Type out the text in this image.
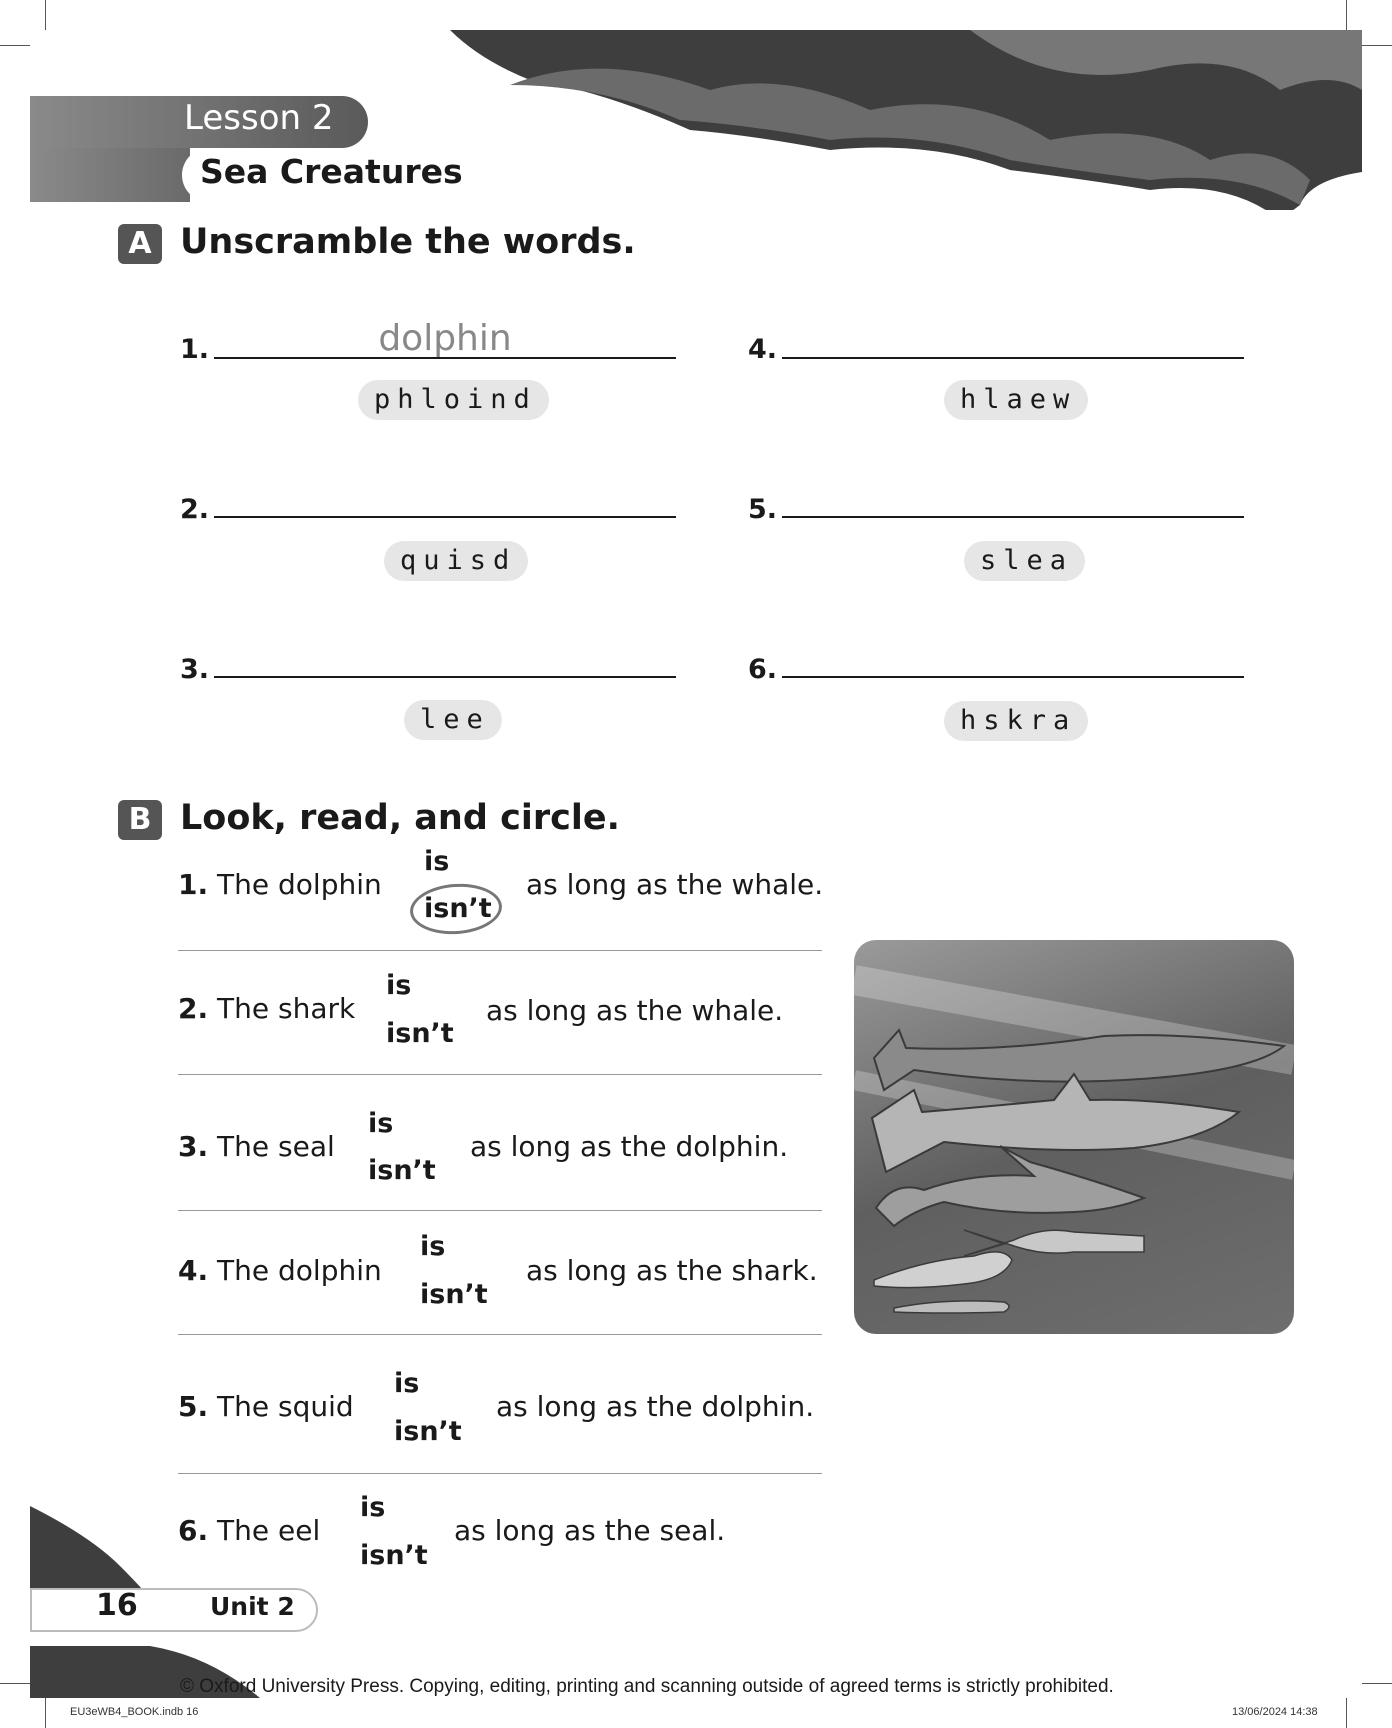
Lesson 2
Sea Creatures
A Unscramble the words.
1.	dolphin
phloind
2.
quisd
3.
lee
4.
hlaew
5.
slea
6.
hskra
B Look, read, and circle.
1. The dolphin
is
isn’t
as long as the whale.
2. The shark
is
isn’t
as long as the whale.
3. The seal
is
isn’t
as long as the dolphin.
4. The dolphin
is
isn’t
as long as the shark.
5. The squid
is
isn’t
as long as the dolphin.
6. The eel
is
isn’t
as long as the seal.
16	Unit 2
© Oxford University Press. Copying, editing, printing and scanning outside of agreed terms is strictly prohibited.
EU3eWB4_BOOK.indb 16	13/06/2024 14:38
